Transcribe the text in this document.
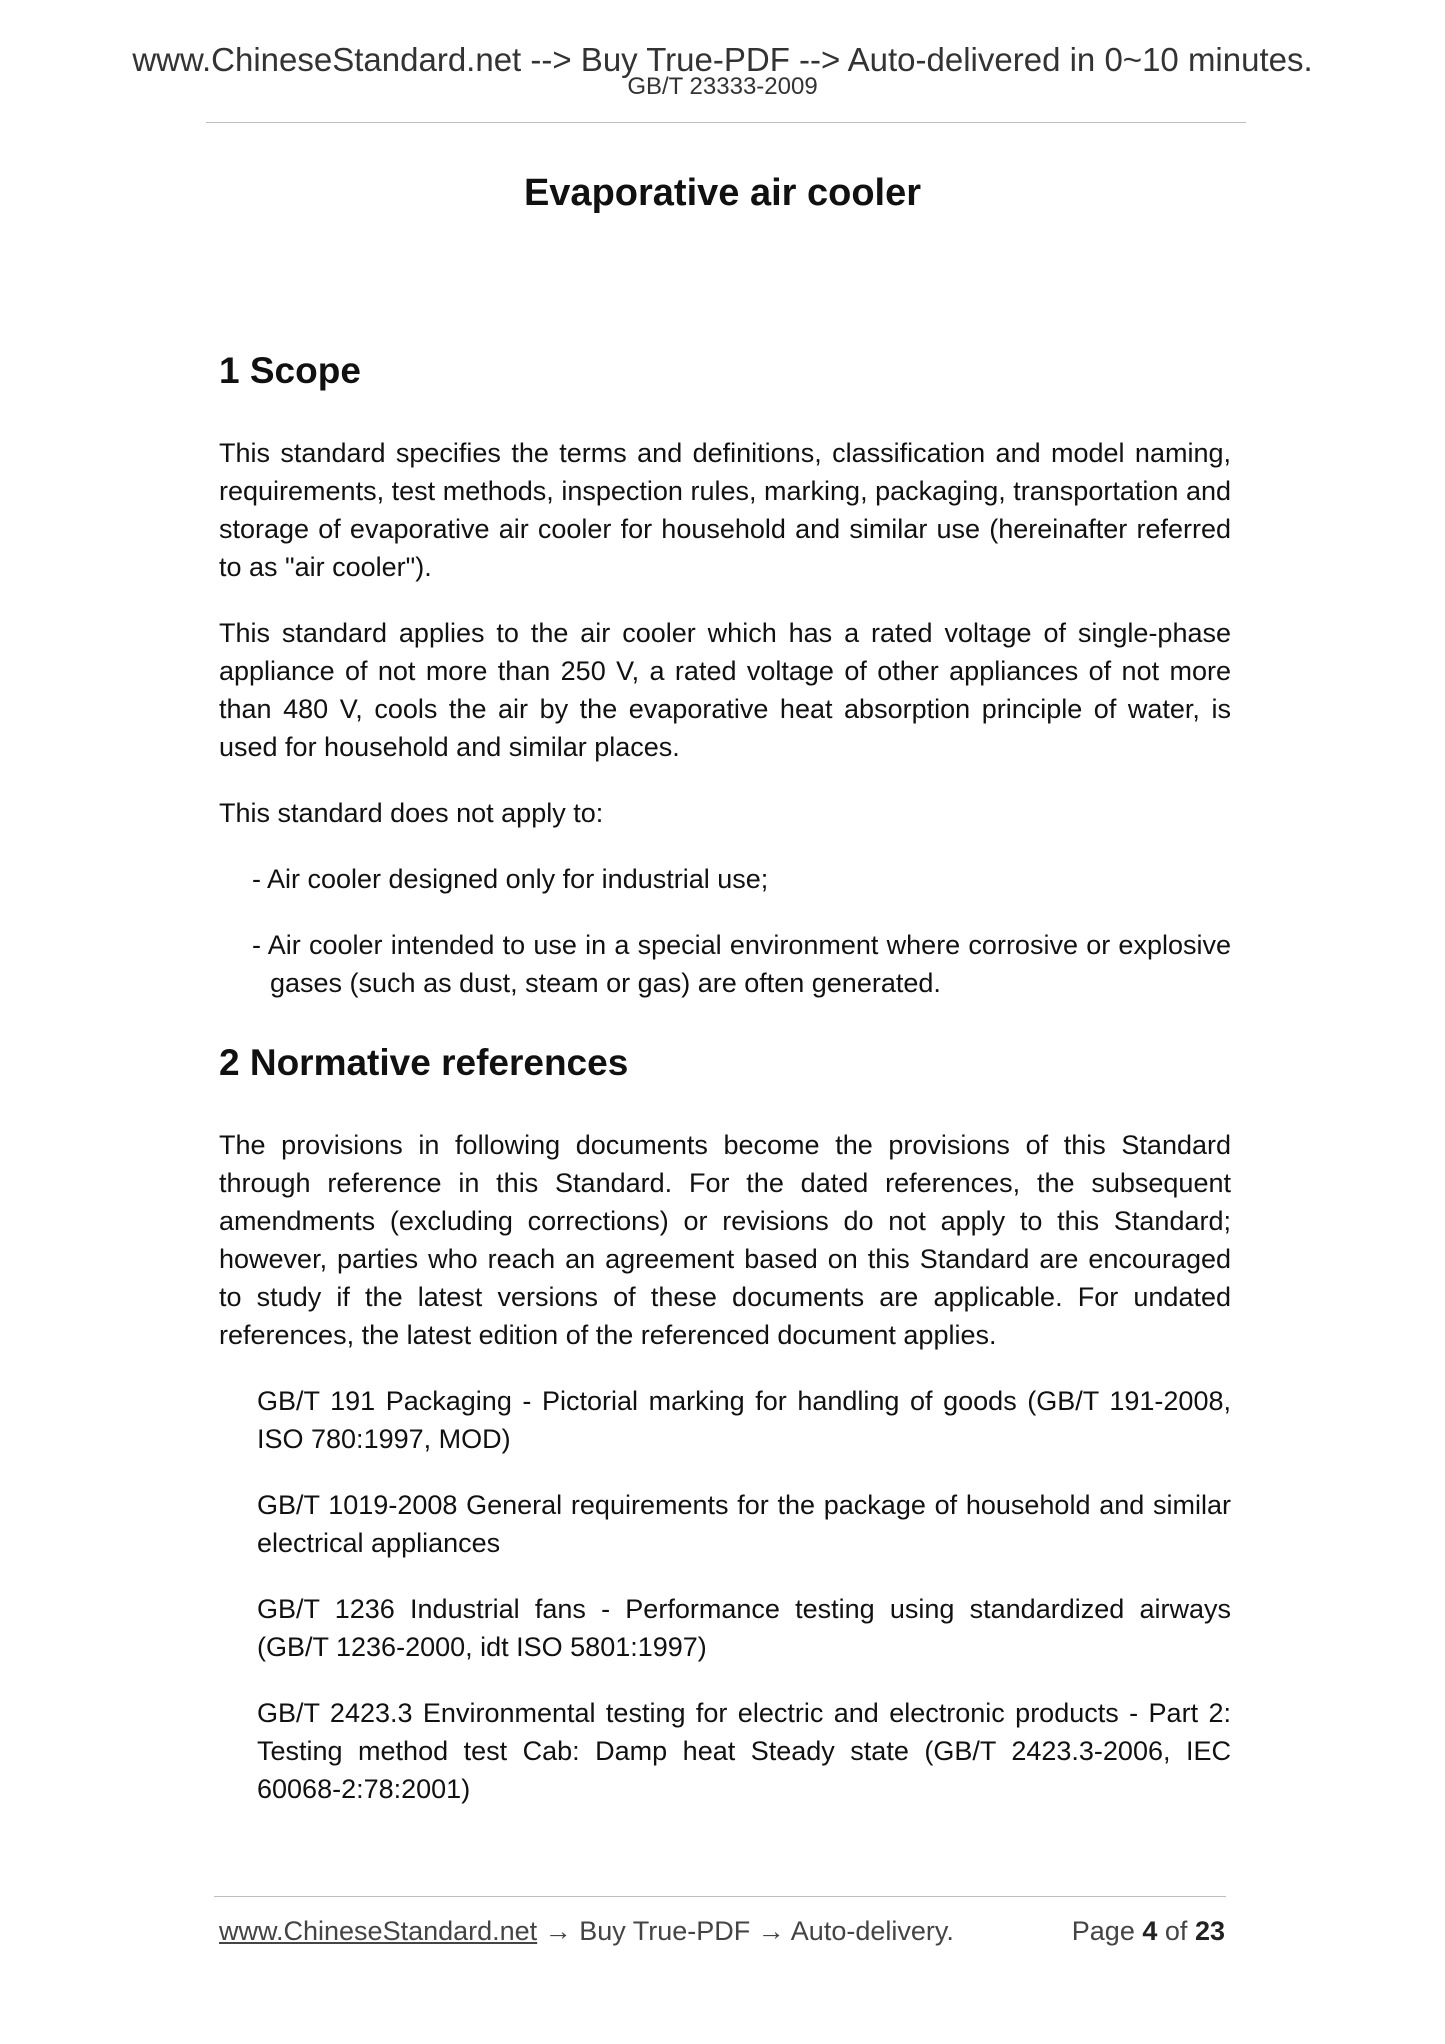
www.ChineseStandard.net --> Buy True-PDF --> Auto-delivered in 0~10 minutes.
GB/T 23333-2009
Evaporative air cooler
1 Scope
This standard specifies the terms and definitions, classification and model naming, requirements, test methods, inspection rules, marking, packaging, transportation and storage of evaporative air cooler for household and similar use (hereinafter referred to as "air cooler").
This standard applies to the air cooler which has a rated voltage of single-phase appliance of not more than 250 V, a rated voltage of other appliances of not more than 480 V, cools the air by the evaporative heat absorption principle of water, is used for household and similar places.
This standard does not apply to:
- Air cooler designed only for industrial use;
- Air cooler intended to use in a special environment where corrosive or explosive gases (such as dust, steam or gas) are often generated.
2 Normative references
The provisions in following documents become the provisions of this Standard through reference in this Standard. For the dated references, the subsequent amendments (excluding corrections) or revisions do not apply to this Standard; however, parties who reach an agreement based on this Standard are encouraged to study if the latest versions of these documents are applicable. For undated references, the latest edition of the referenced document applies.
GB/T 191 Packaging - Pictorial marking for handling of goods (GB/T 191-2008, ISO 780:1997, MOD)
GB/T 1019-2008 General requirements for the package of household and similar electrical appliances
GB/T 1236 Industrial fans - Performance testing using standardized airways (GB/T 1236-2000, idt ISO 5801:1997)
GB/T 2423.3 Environmental testing for electric and electronic products - Part 2: Testing method test Cab: Damp heat Steady state (GB/T 2423.3-2006, IEC 60068-2:78:2001)
www.ChineseStandard.net → Buy True-PDF → Auto-delivery.	Page 4 of 23
